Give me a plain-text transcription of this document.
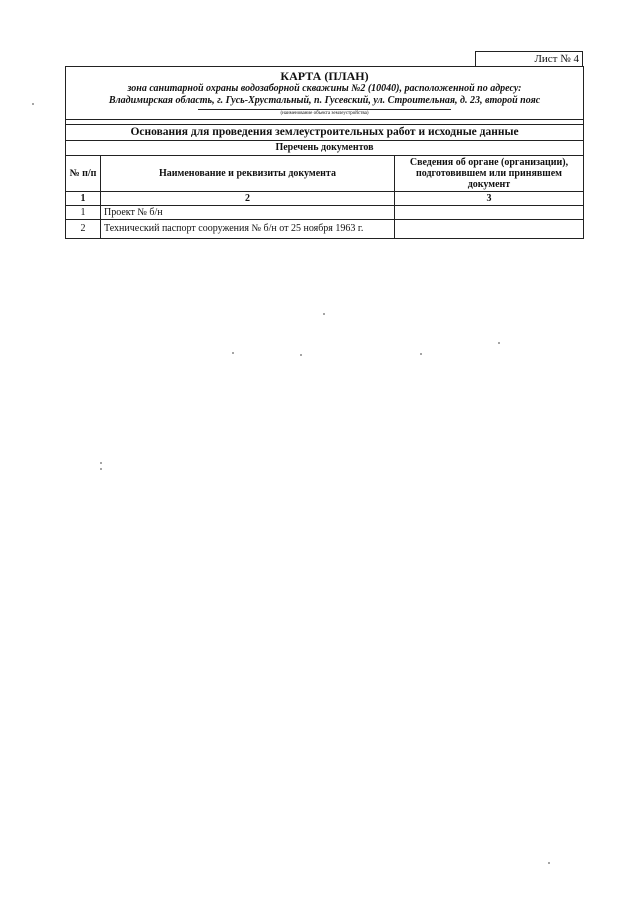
Лист № 4
КАРТА (ПЛАН)
зона санитарной охраны водозаборной скважины №2 (10040), расположенной по адресу:
Владимирская область, г. Гусь-Хрустальный, п. Гусевский, ул. Строительная, д. 23, второй пояс
(наименование объекта землеустройства)
Основания для проведения землеустроительных работ и исходные данные
Перечень документов
№ п/п	Наименование и реквизиты документа	Сведения об органе (организации), подготовившем или принявшем документ
1	2	3
1	Проект № б/н	
2	Технический паспорт сооружения № б/н от 25 ноября 1963 г.	
